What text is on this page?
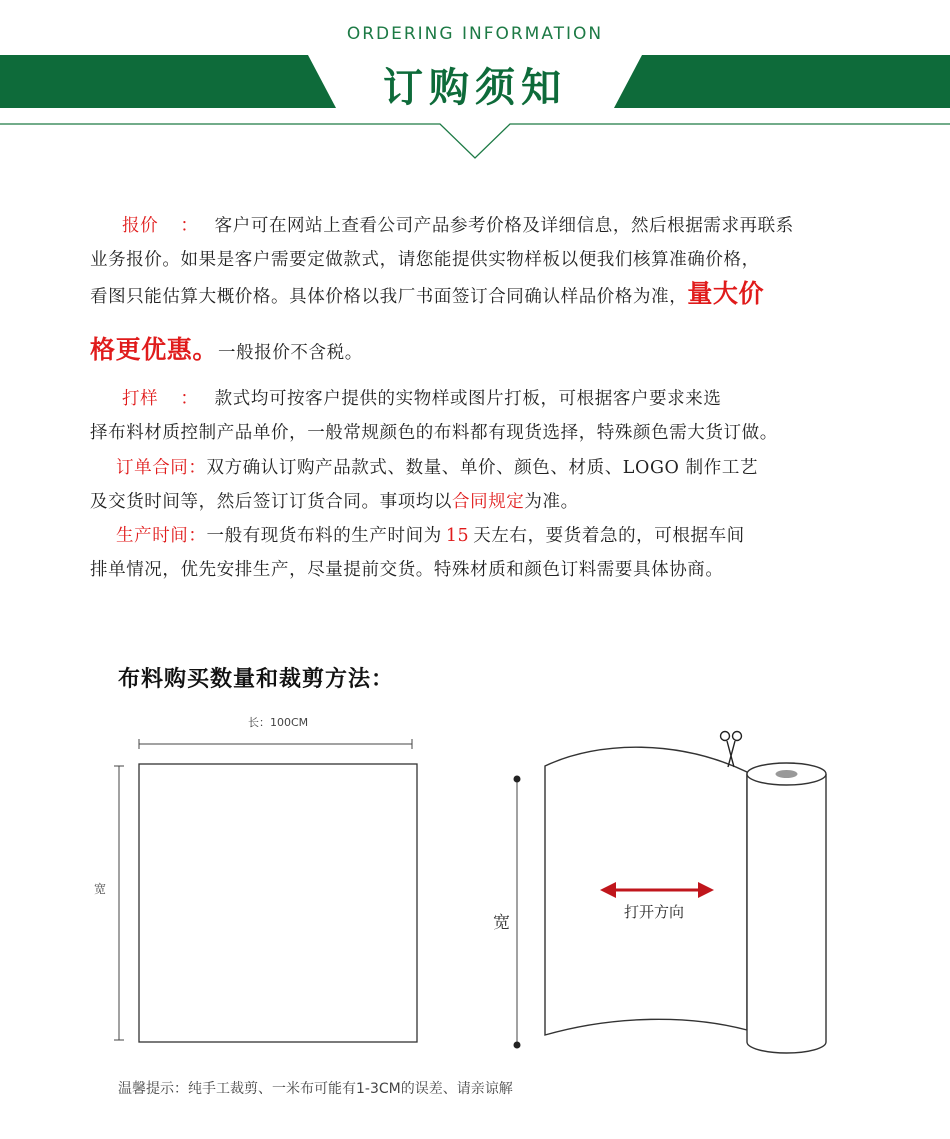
ORDERING INFORMATION
订购须知
报价 ： 客户可在网站上查看公司产品参考价格及详细信息，然后根据需求再联系
业务报价。如果是客户需要定做款式，请您能提供实物样板以便我们核算准确价格，
看图只能估算大概价格。具体价格以我厂书面签订合同确认样品价格为准，量大价
格更优惠。一般报价不含税。
打样 ： 款式均可按客户提供的实物样或图片打板，可根据客户要求来选
择布料材质控制产品单价，一般常规颜色的布料都有现货选择，特殊颜色需大货订做。
订单合同：双方确认订购产品款式、数量、单价、颜色、材质、LOGO 制作工艺
及交货时间等，然后签订订货合同。事项均以合同规定为准。
生产时间：一般有现货布料的生产时间为 15 天左右，要货着急的，可根据车间
排单情况，优先安排生产，尽量提前交货。特殊材质和颜色订料需要具体协商。
布料购买数量和裁剪方法：
长：100CM
宽
宽
打开方向
温馨提示：纯手工裁剪、一米布可能有1-3CM的误差、请亲谅解
